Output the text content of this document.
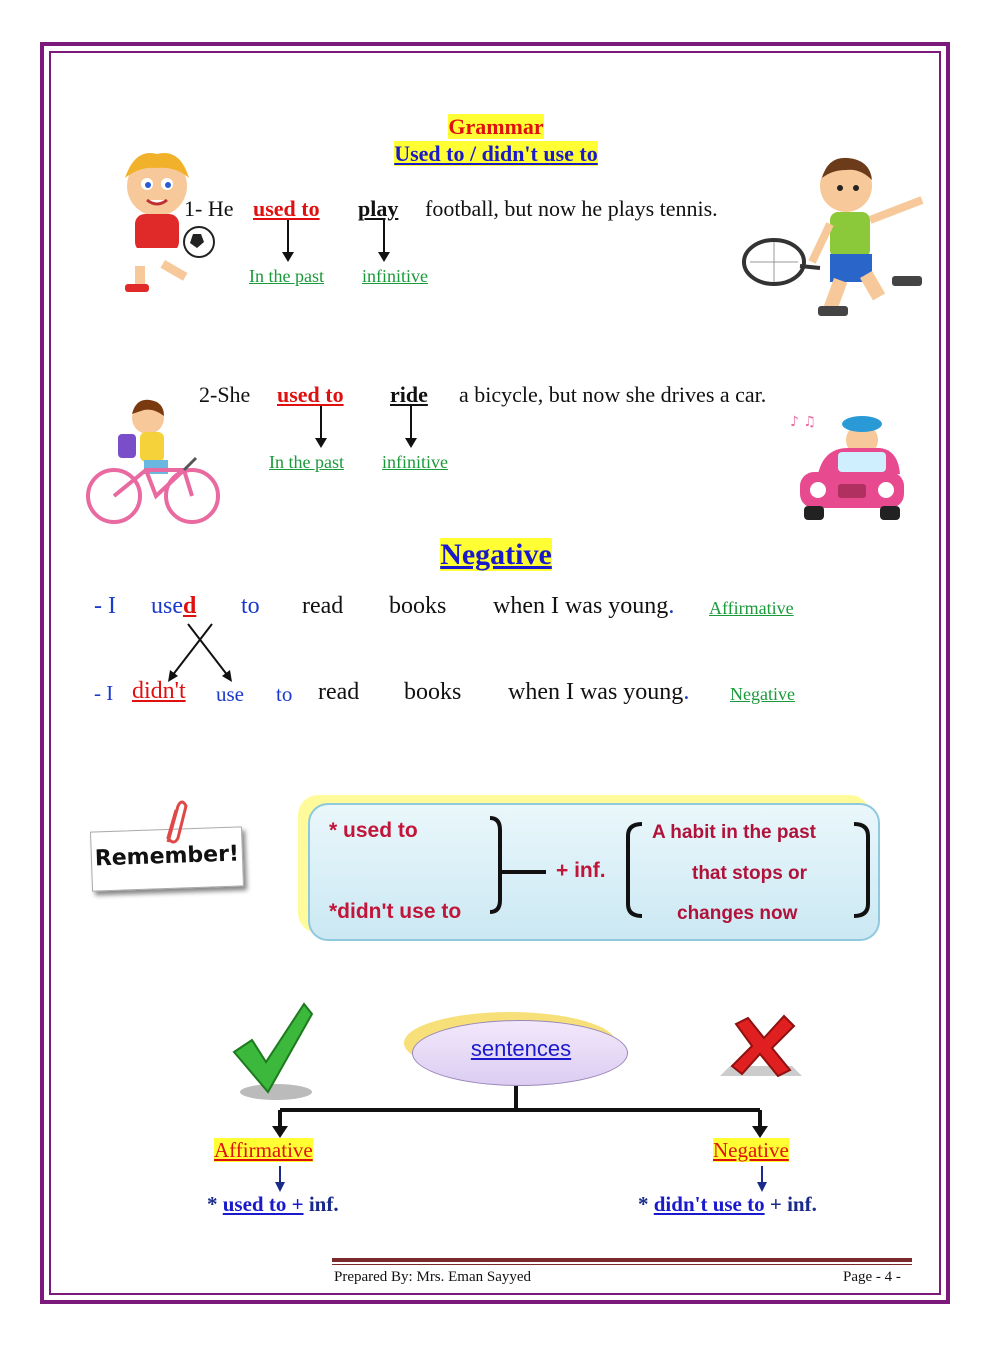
Grammar
Used to / didn't use to
1- He used to play football, but now he plays tennis.
In the past infinitive
2-She used to ride a bicycle, but now she drives a car.
In the past infinitive
♪ ♫
Negative
- I used to read books when I was young. Affirmative
- I didn't use to read books when I was young. Negative
Remember!
* used to
*didn't use to
+ inf.
A habit in the past
that stops or
changes now
sentences
Affirmative	Negative
* used to + inf.	* didn't use to + inf.
Prepared By: Mrs. Eman Sayyed	Page - 4 -
